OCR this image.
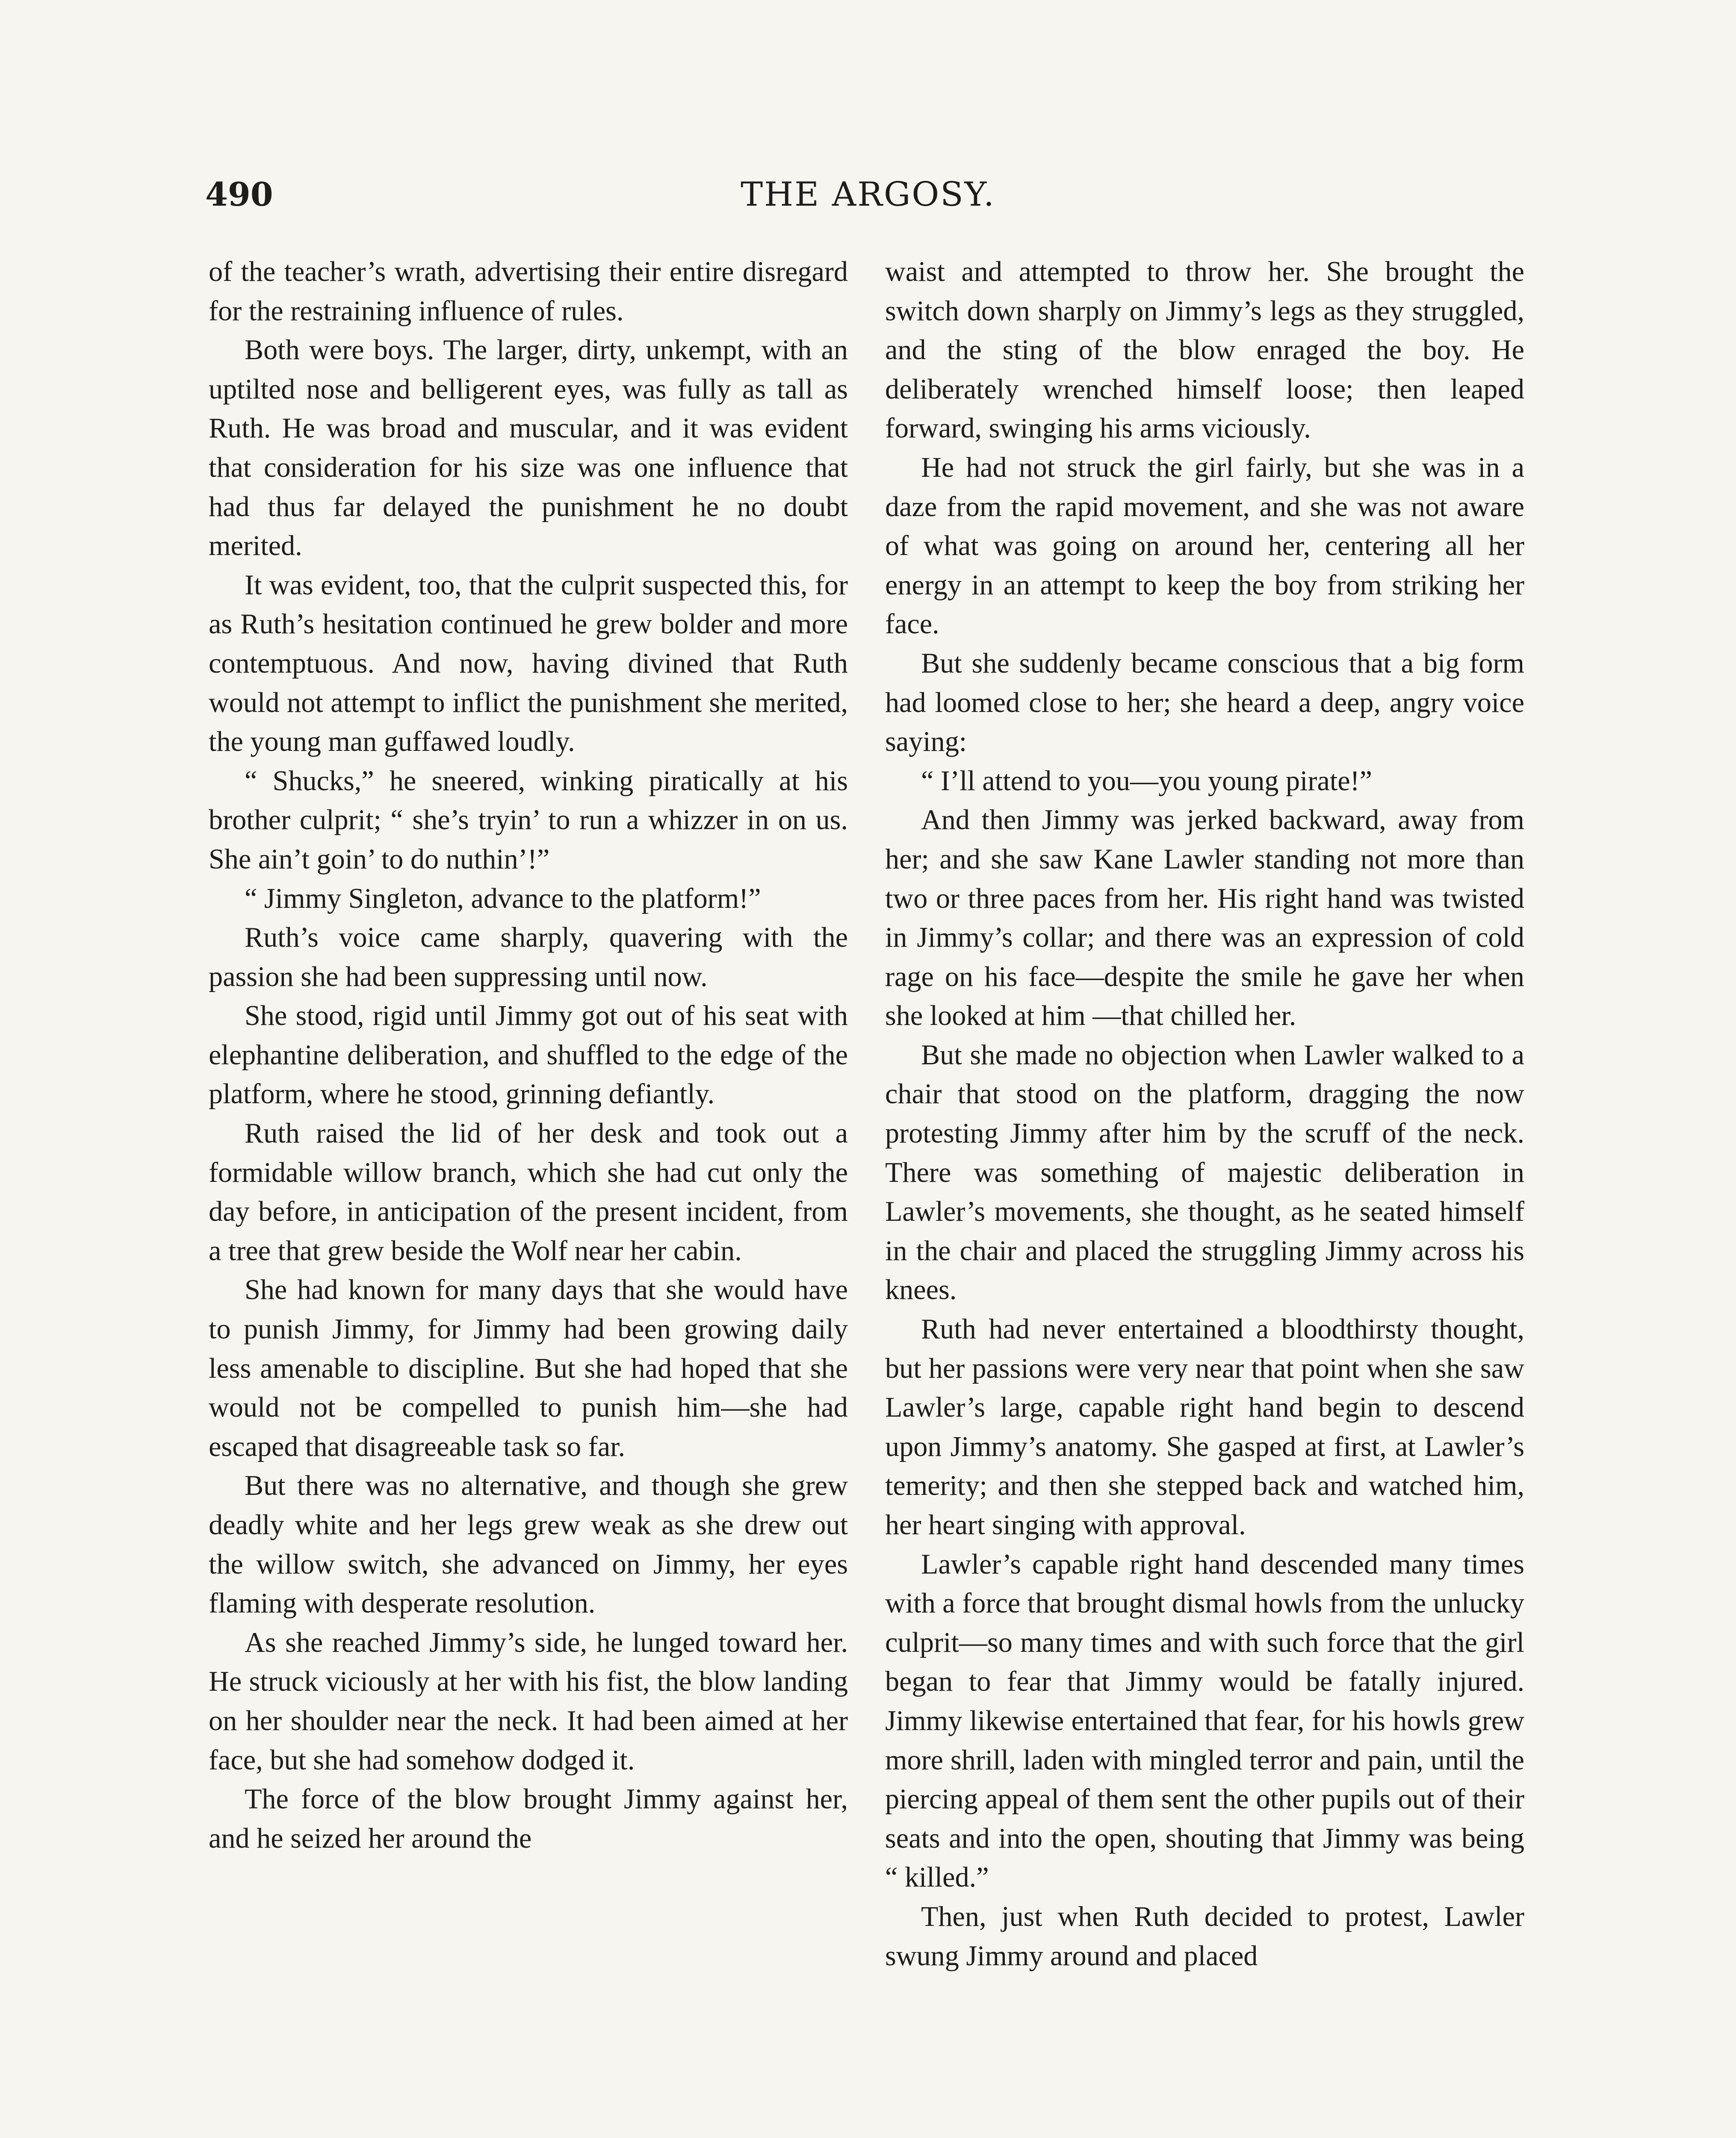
490	THE ARGOSY.

of the teacher’s wrath, advertising their entire disregard for the restraining influence of rules.

Both were boys. The larger, dirty, unkempt, with an uptilted nose and belligerent eyes, was fully as tall as Ruth. He was broad and muscular, and it was evident that consideration for his size was one influence that had thus far delayed the punishment he no doubt merited.

It was evident, too, that the culprit suspected this, for as Ruth’s hesitation continued he grew bolder and more contemptuous. And now, having divined that Ruth would not attempt to inflict the punishment she merited, the young man guffawed loudly.

“ Shucks,” he sneered, winking piratically at his brother culprit; “ she’s tryin’ to run a whizzer in on us. She ain’t goin’ to do nuthin’!”

“ Jimmy Singleton, advance to the platform!”

Ruth’s voice came sharply, quavering with the passion she had been suppressing until now.

She stood, rigid until Jimmy got out of his seat with elephantine deliberation, and shuffled to the edge of the platform, where he stood, grinning defiantly.

Ruth raised the lid of her desk and took out a formidable willow branch, which she had cut only the day before, in anticipation of the present incident, from a tree that grew beside the Wolf near her cabin.

She had known for many days that she would have to punish Jimmy, for Jimmy had been growing daily less amenable to discipline. But she had hoped that she would not be compelled to punish him—she had escaped that disagreeable task so far.

But there was no alternative, and though she grew deadly white and her legs grew weak as she drew out the willow switch, she advanced on Jimmy, her eyes flaming with desperate resolution.

As she reached Jimmy’s side, he lunged toward her. He struck viciously at her with his fist, the blow landing on her shoulder near the neck. It had been aimed at her face, but she had somehow dodged it.

The force of the blow brought Jimmy against her, and he seized her around the

waist and attempted to throw her. She brought the switch down sharply on Jimmy’s legs as they struggled, and the sting of the blow enraged the boy. He deliberately wrenched himself loose; then leaped forward, swinging his arms viciously.

He had not struck the girl fairly, but she was in a daze from the rapid movement, and she was not aware of what was going on around her, centering all her energy in an attempt to keep the boy from striking her face.

But she suddenly became conscious that a big form had loomed close to her; she heard a deep, angry voice saying:

“ I’ll attend to you—you young pirate!”

And then Jimmy was jerked backward, away from her; and she saw Kane Lawler standing not more than two or three paces from her. His right hand was twisted in Jimmy’s collar; and there was an expression of cold rage on his face—despite the smile he gave her when she looked at him —that chilled her.

But she made no objection when Lawler walked to a chair that stood on the platform, dragging the now protesting Jimmy after him by the scruff of the neck. There was something of majestic deliberation in Lawler’s movements, she thought, as he seated himself in the chair and placed the struggling Jimmy across his knees.

Ruth had never entertained a bloodthirsty thought, but her passions were very near that point when she saw Lawler’s large, capable right hand begin to descend upon Jimmy’s anatomy. She gasped at first, at Lawler’s temerity; and then she stepped back and watched him, her heart singing with approval.

Lawler’s capable right hand descended many times with a force that brought dismal howls from the unlucky culprit—so many times and with such force that the girl began to fear that Jimmy would be fatally injured. Jimmy likewise entertained that fear, for his howls grew more shrill, laden with mingled terror and pain, until the piercing appeal of them sent the other pupils out of their seats and into the open, shouting that Jimmy was being “ killed.”

Then, just when Ruth decided to protest, Lawler swung Jimmy around and placed
